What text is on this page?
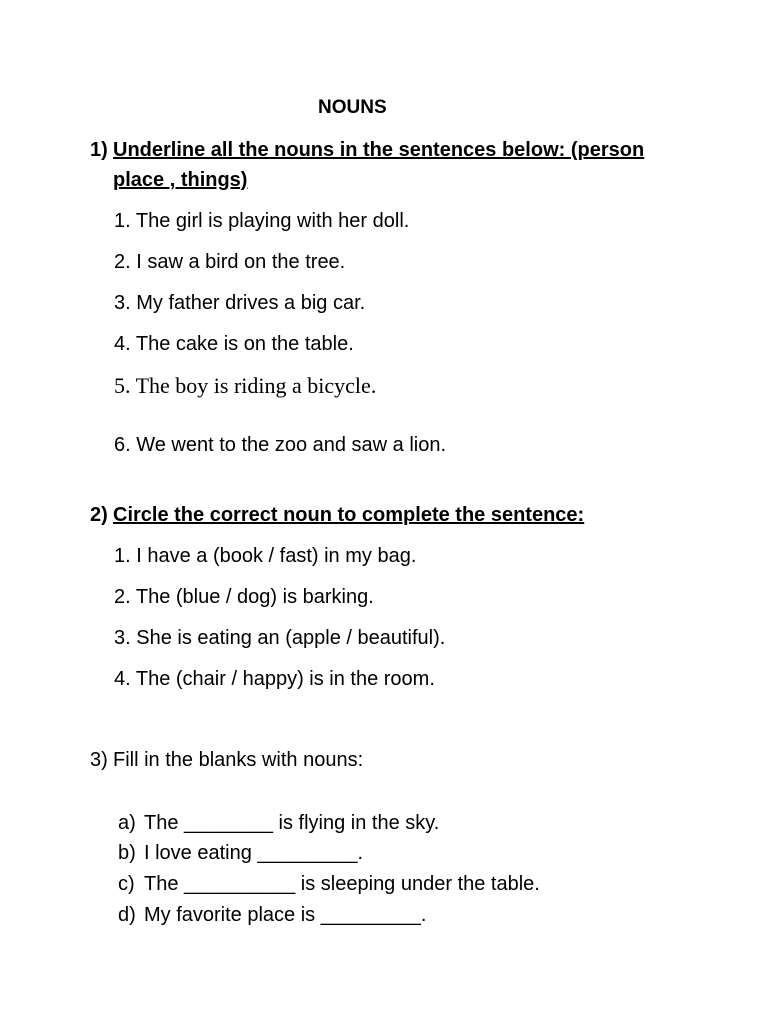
NOUNS
1) Underline all the nouns in the sentences below: (person
place , things)
1. The girl is playing with her doll.
2. I saw a bird on the tree.
3. My father drives a big car.
4. The cake is on the table.
5. The boy is riding a bicycle.
6. We went to the zoo and saw a lion.
2) Circle the correct noun to complete the sentence:
1. I have a (book / fast) in my bag.
2. The (blue / dog) is barking.
3. She is eating an (apple / beautiful).
4. The (chair / happy) is in the room.
3) Fill in the blanks with nouns:
a) The ________ is flying in the sky.
b) I love eating _________.
c) The __________ is sleeping under the table.
d) My favorite place is _________.
